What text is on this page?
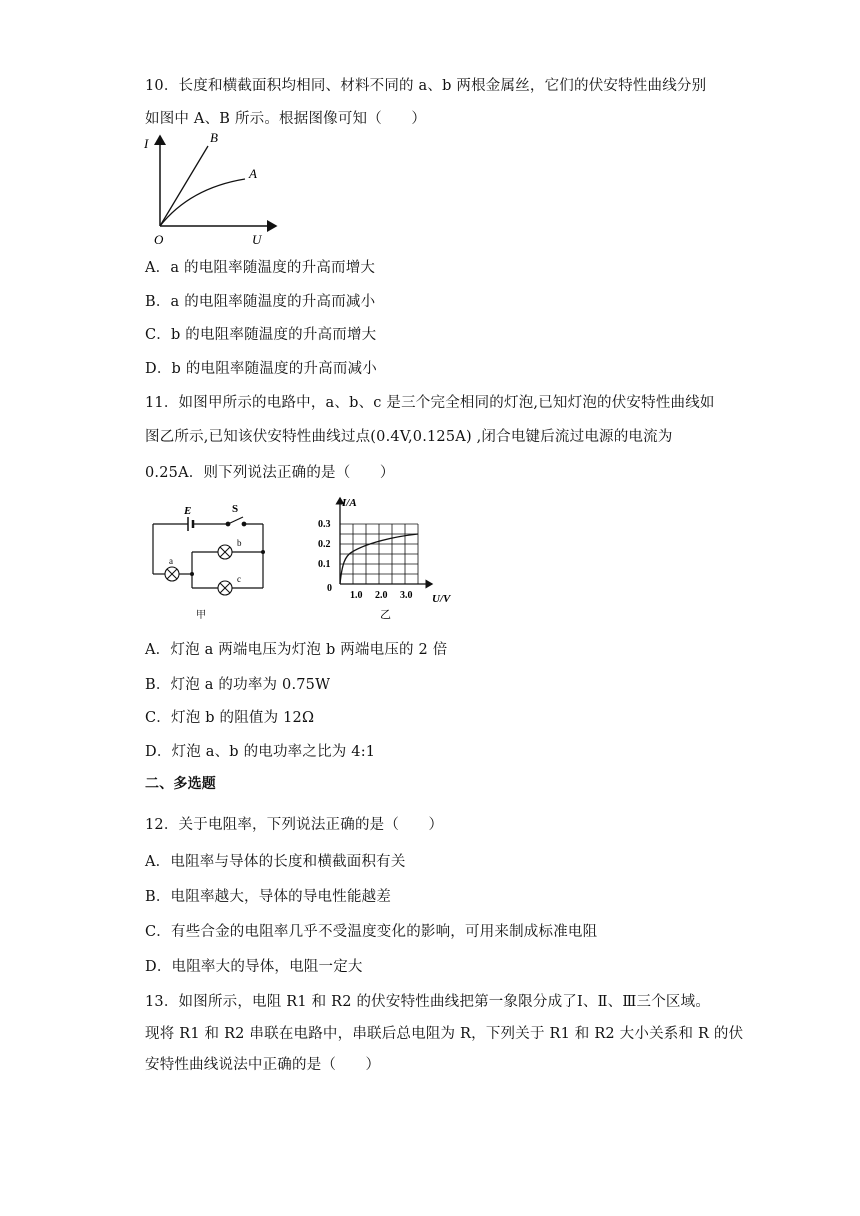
10．长度和横截面积均相同、材料不同的 a、b 两根金属丝，它们的伏安特性曲线分别
如图中 A、B 所示。根据图像可知（　　）
I
U
O
B
A
A．a 的电阻率随温度的升高而增大
B．a 的电阻率随温度的升高而减小
C．b 的电阻率随温度的升高而增大
D．b 的电阻率随温度的升高而减小
11．如图甲所示的电路中，a、b、c 是三个完全相同的灯泡,已知灯泡的伏安特性曲线如
图乙所示,已知该伏安特性曲线过点(0.4V,0.125A) ,闭合电键后流过电源的电流为
0.25A．则下列说法正确的是（　　）
E	S
a
b
c
甲
I/A
U/V
0.3
0.2
0.1
0
1.0 2.0 3.0
乙
A．灯泡 a 两端电压为灯泡 b 两端电压的 2 倍
B．灯泡 a 的功率为 0.75W
C．灯泡 b 的阻值为 12Ω
D．灯泡 a、b 的电功率之比为 4:1
二、多选题
12．关于电阻率，下列说法正确的是（　　）
A．电阻率与导体的长度和横截面积有关
B．电阻率越大，导体的导电性能越差
C．有些合金的电阻率几乎不受温度变化的影响，可用来制成标准电阻
D．电阻率大的导体，电阻一定大
13．如图所示，电阻 R1 和 R2 的伏安特性曲线把第一象限分成了Ⅰ、Ⅱ、Ⅲ三个区域。
现将 R1 和 R2 串联在电路中，串联后总电阻为 R，下列关于 R1 和 R2 大小关系和 R 的伏
安特性曲线说法中正确的是（　　）
